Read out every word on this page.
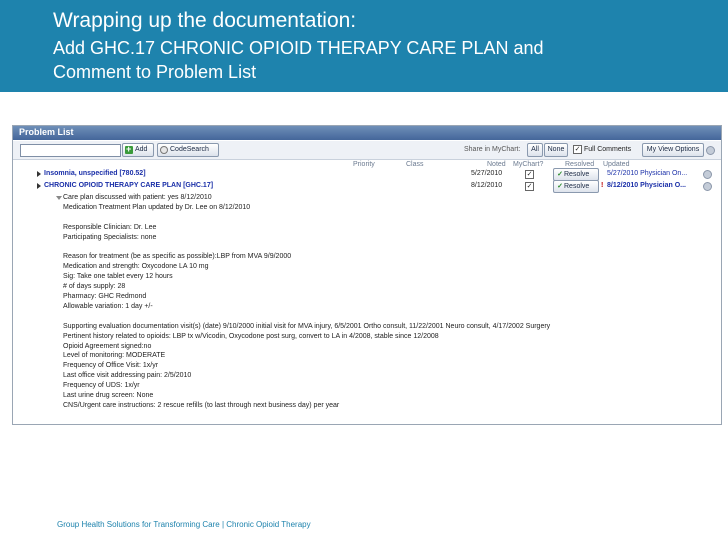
Wrapping up the documentation:
Add GHC.17 CHRONIC OPIOID THERAPY CARE PLAN and
Comment to Problem List
Problem List
+Add	CodeSearch	Share in MyChart:	All	None	✓ Full Comments	My View Options
Priority	Class	Noted MyChart?	Resolved Updated
Insomnia, unspecified [780.52]	5/27/2010	✓	✓Resolve	5/27/2010 Physician On...
CHRONIC OPIOID THERAPY CARE PLAN [GHC.17]	8/12/2010	✓	✓Resolve	! 8/12/2010 Physician O...
Care plan discussed with patient: yes 8/12/2010
Medication Treatment Plan updated by Dr. Lee on 8/12/2010
Responsible Clinician: Dr. Lee
Participating Specialists: none
Reason for treatment (be as specific as possible):LBP from MVA 9/9/2000
Medication and strength: Oxycodone LA 10 mg
Sig: Take one tablet every 12 hours
# of days supply: 28
Pharmacy: GHC Redmond
Allowable variation: 1 day +/-
Supporting evaluation documentation visit(s) (date) 9/10/2000 initial visit for MVA injury, 6/5/2001 Ortho consult, 11/22/2001 Neuro consult, 4/17/2002 Surgery
Pertinent history related to opioids: LBP tx w/Vicodin, Oxycodone post surg, convert to LA in 4/2008, stable since 12/2008
Opioid Agreement signed:no
Level of monitoring: MODERATE
Frequency of Office Visit: 1x/yr
Last office visit addressing pain: 2/5/2010
Frequency of UDS: 1x/yr
Last urine drug screen: None
CNS/Urgent care instructions: 2 rescue refills (to last through next business day) per year
Group Health Solutions for Transforming Care | Chronic Opioid Therapy
